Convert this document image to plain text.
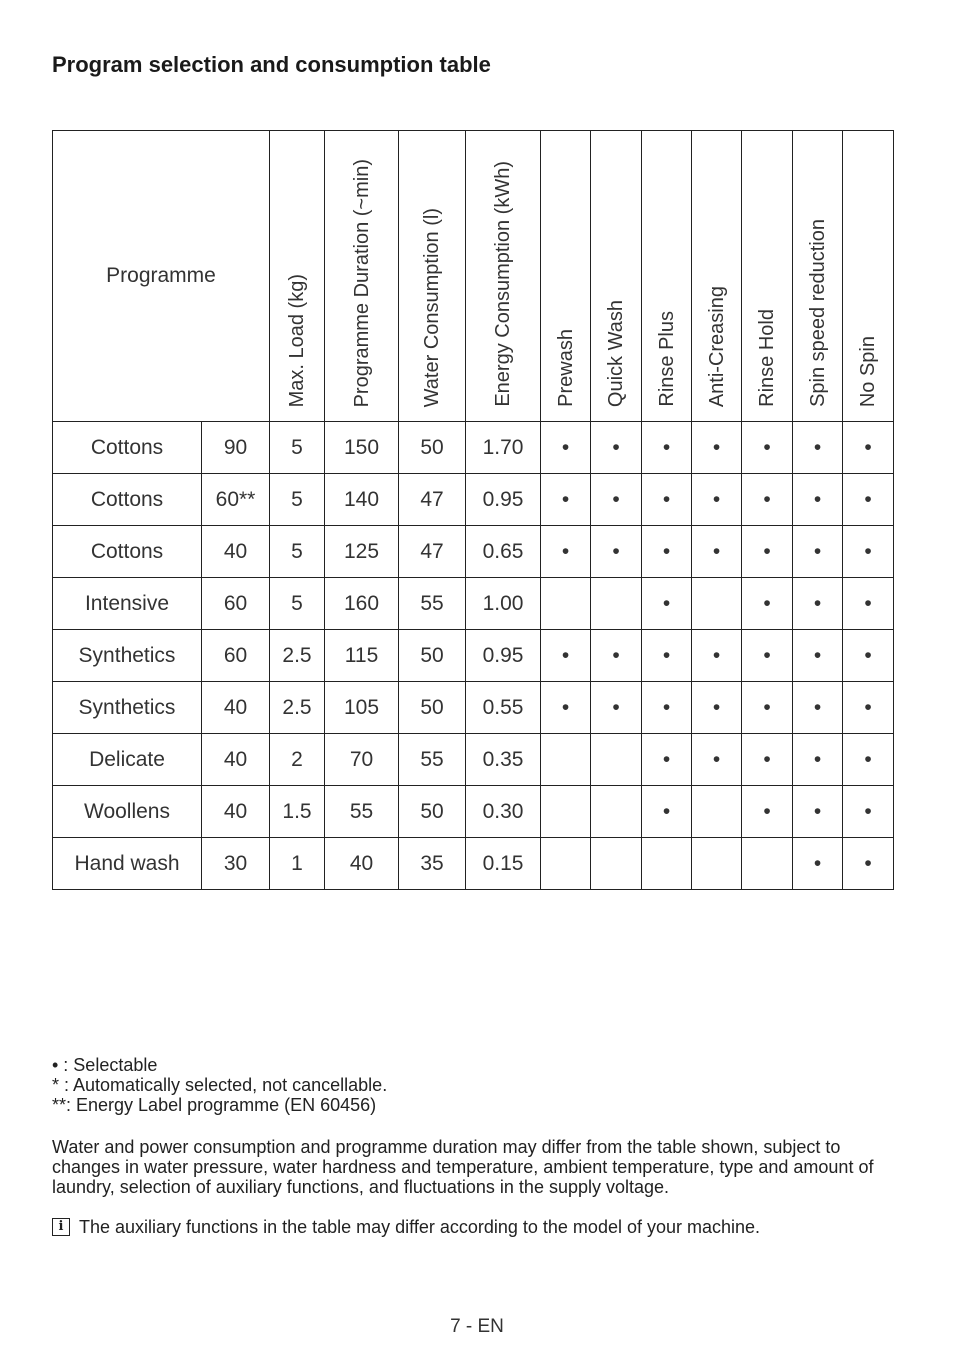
Program selection and consumption table
Programme		Max. Load (kg)	Programme Duration (~min)	Water Consumption (l)	Energy Consumption (kWh)	Prewash	Quick Wash	Rinse Plus	Anti-Creasing	Rinse Hold	Spin speed reduction	No Spin
Cottons	90	5	150	50	1.70	•	•	•	•	•	•	•
Cottons	60**	5	140	47	0.95	•	•	•	•	•	•	•
Cottons	40	5	125	47	0.65	•	•	•	•	•	•	•
Intensive	60	5	160	55	1.00			•		•	•	•
Synthetics	60	2.5	115	50	0.95	•	•	•	•	•	•	•
Synthetics	40	2.5	105	50	0.55	•	•	•	•	•	•	•
Delicate	40	2	70	55	0.35			•	•	•	•	•
Woollens	40	1.5	55	50	0.30			•		•	•	•
Hand wash	30	1	40	35	0.15						•	•

• : Selectable

* : Automatically selected, not cancellable.

**: Energy Label programme (EN 60456)

Water and power consumption and programme duration may differ from the table shown, subject to changes in water pressure, water hardness and temperature, ambient temperature, type and amount of laundry, selection of auxiliary functions, and fluctuations in the supply voltage.

i The auxiliary functions in the table may differ according to the model of your machine.

7 - EN
